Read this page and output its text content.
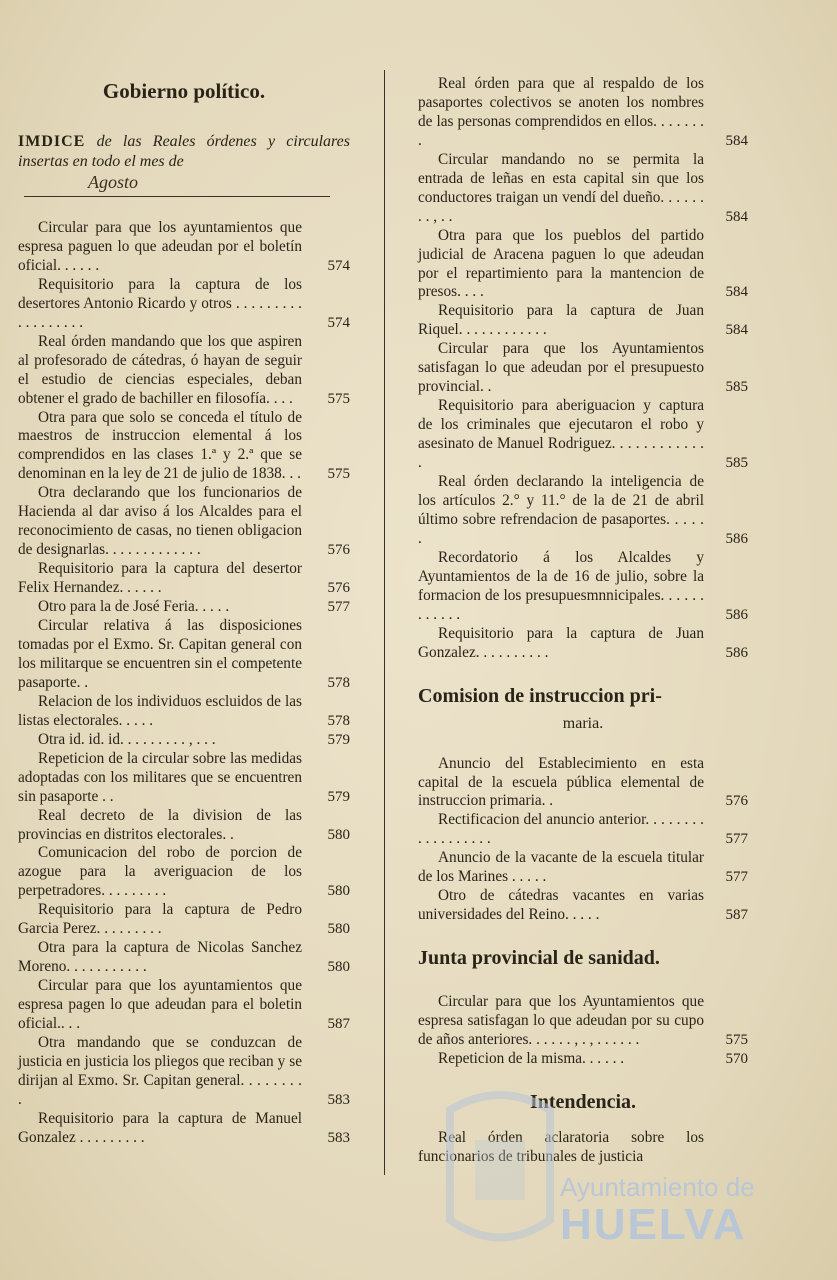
Gobierno político.
IMDICE de las Reales órdenes y circulares insertas en todo el mes de
Agosto
Circular para que los ayuntamientos que espresa paguen lo que adeudan por el boletín oficial. . . . . .	574
Requisitorio para la captura de los desertores Antonio Ricardo y otros . . . . . . . . . . . . . . . . . .	574
Real órden mandando que los que aspiren al profesorado de cátedras, ó hayan de seguir el estudio de ciencias especiales, deban obtener el grado de bachiller en filosofía. . . . 575
Otra para que solo se conceda el título de maestros de instruccion elemental á los comprendidos en las clases 1.ª y 2.ª que se denominan en la ley de 21 de julio de 1838. . . 575
Otra declarando que los funcionarios de Hacienda al dar aviso á los Alcaldes para el reconocimiento de casas, no tienen obligacion de designarlas. . . . . . . . . . . . .	576
Requisitorio para la captura del desertor Felix Hernandez. . . . . .	576
Otro para la de José Feria. . . . .	577
Circular relativa á las disposiciones tomadas por el Exmo. Sr. Capitan general con los militarque se encuentren sin el competente pasaporte. .	578
Relacion de los individuos escluidos de las listas electorales. . . . .	578
Otra id. id. id. . . . . . . . . , . . .	579
Repeticion de la circular sobre las medidas adoptadas con los militares que se encuentren sin pasaporte . .	579
Real decreto de la division de las provincias en distritos electorales. .	580
Comunicacion del robo de porcion de azogue para la averiguacion de los perpetradores. . . . . . . . .	580
Requisitorio para la captura de Pedro Garcia Perez. . . . . . . . .	580
Otra para la captura de Nicolas Sanchez Moreno. . . . . . . . . . .	580
Circular para que los ayuntamientos que espresa pagen lo que adeudan para el boletin oficial.. . .	587
Otra mandando que se conduzcan de justicia en justicia los pliegos que reciban y se dirijan al Exmo. Sr. Capitan general. . . . . . . . .	583
Requisitorio para la captura de Manuel Gonzalez . . . . . . . . .	583
Real órden para que al respaldo de los pasaportes colectivos se anoten los nombres de las personas comprendidos en ellos. . . . . . . .	584
Circular mandando no se permita la entrada de leñas en esta capital sin que los conductores traigan un vendí del dueño. . . . . . . . , . .	584
Otra para que los pueblos del partido judicial de Aracena paguen lo que adeudan por el repartimiento para la mantencion de presos. . . .	584
Requisitorio para la captura de Juan Riquel. . . . . . . . . . . .	584
Circular para que los Ayuntamientos satisfagan lo que adeudan por el presupuesto provincial. .	585
Requisitorio para aberiguacion y captura de los criminales que ejecutaron el robo y asesinato de Manuel Rodriguez. . . . . . . . . . . . .	585
Real órden declarando la inteligencia de los artículos 2.° y 11.° de la de 21 de abril último sobre refrendacion de pasaportes. . . . . .	586
Recordatorio á los Alcaldes y Ayuntamientos de la de 16 de julio, sobre la formacion de los presupuesmnnicipales. . . . . . . . . . . .	586
Requisitorio para la captura de Juan Gonzalez. . . . . . . . . .	586
Comision de instruccion pri-
maria.
Anuncio del Establecimiento en esta capital de la escuela pública elemental de instruccion primaria. .	576
Rectificacion del anuncio anterior. . . . . . . . . . . . . . . . . .	577
Anuncio de la vacante de la escuela titular de los Marines . . . . .	577
Otro de cátedras vacantes en varias universidades del Reino. . . . .	587
Junta provincial de sanidad.
Circular para que los Ayuntamientos que espresa satisfagan lo que adeudan por su cupo de años anteriores. . . . . . , . , . . . . . .	575
Repeticion de la misma. . . . . .	570
Intendencia.
Real órden aclaratoria sobre los funcionarios de tribunales de justicia
Ayuntamiento de
HUELVA
